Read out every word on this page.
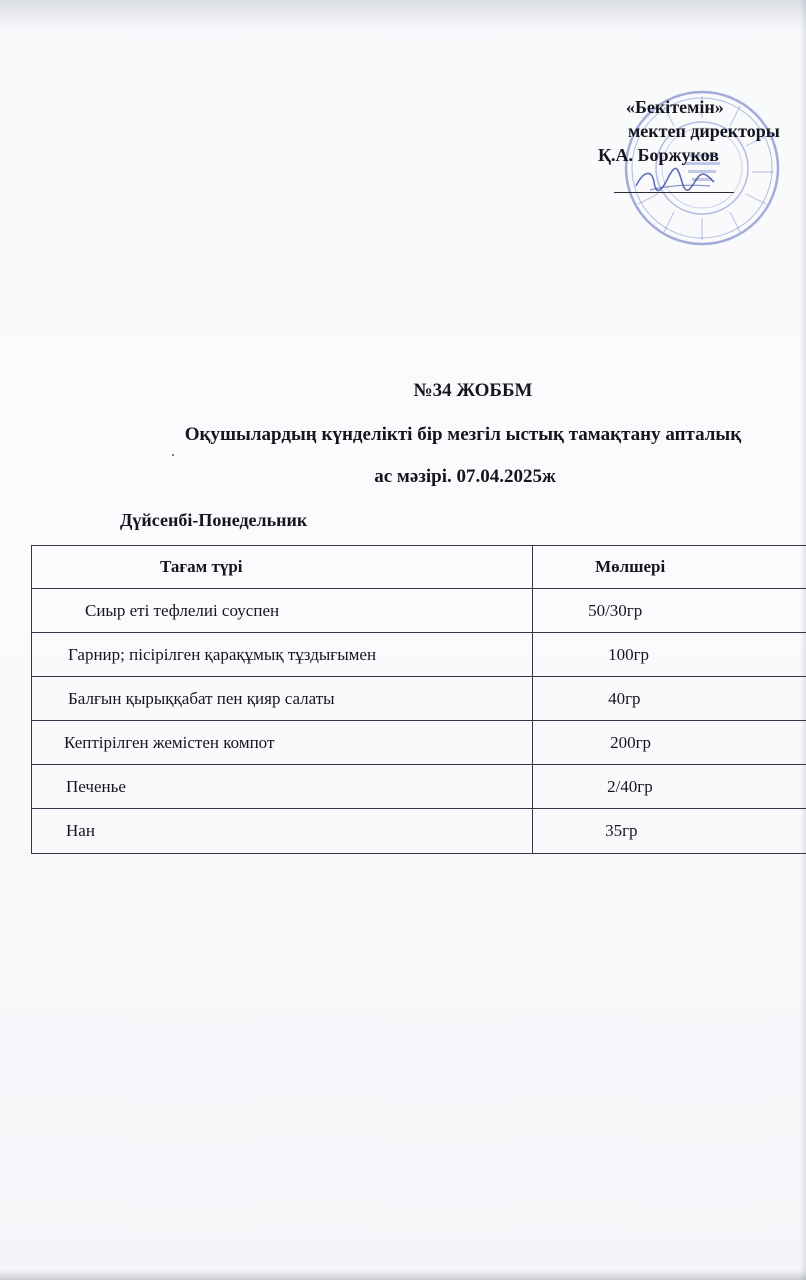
«Бекітемін»
мектеп директоры
Қ.А. Боржуков
№34 ЖОББМ
Оқушылардың күнделікті бір мезгіл ыстық тамақтану апталық
ас мәзірі. 07.04.2025ж
Дүйсенбі-Понедельник
Тағам түрі	Мөлшері
Сиыр еті тефлелиі соуспен	50/30гр
Гарнир; пісірілген қарақұмық тұздығымен	100гр
Балғын қырыққабат пен қияр салаты	40гр
Кептірілген жемістен компот	200гр
Печенье	2/40гр
Нан	35гр
